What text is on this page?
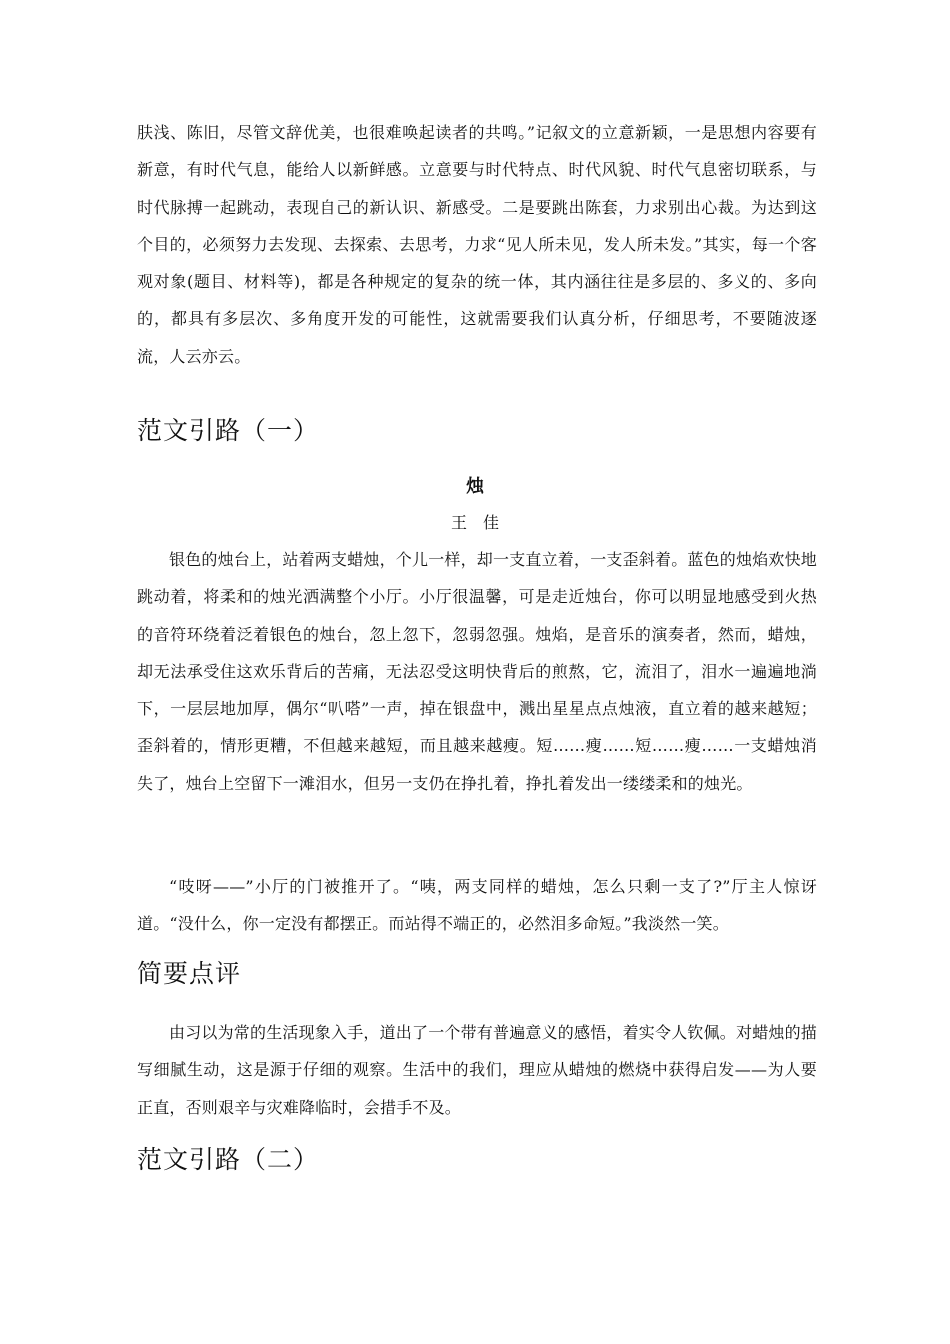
肤浅、陈旧，尽管文辞优美，也很难唤起读者的共鸣。”记叙文的立意新颖，一是思想内容要有新意，有时代气息，能给人以新鲜感。立意要与时代特点、时代风貌、时代气息密切联系，与时代脉搏一起跳动，表现自己的新认识、新感受。二是要跳出陈套，力求别出心裁。为达到这个目的，必须努力去发现、去探索、去思考，力求“见人所未见，发人所未发。”其实，每一个客观对象(题目、材料等)，都是各种规定的复杂的统一体，其内涵往往是多层的、多义的、多向的，都具有多层次、多角度开发的可能性，这就需要我们认真分析，仔细思考，不要随波逐流，人云亦云。

范文引路（一）
烛
王　佳

银色的烛台上，站着两支蜡烛，个儿一样，却一支直立着，一支歪斜着。蓝色的烛焰欢快地跳动着，将柔和的烛光洒满整个小厅。小厅很温馨，可是走近烛台，你可以明显地感受到火热的音符环绕着泛着银色的烛台，忽上忽下，忽弱忽强。烛焰，是音乐的演奏者，然而，蜡烛，却无法承受住这欢乐背后的苦痛，无法忍受这明快背后的煎熬，它，流泪了，泪水一遍遍地淌下，一层层地加厚，偶尔“叭嗒”一声，掉在银盘中，溅出星星点点烛液，直立着的越来越短；歪斜着的，情形更糟，不但越来越短，而且越来越瘦。短……瘦……短……瘦……一支蜡烛消失了，烛台上空留下一滩泪水，但另一支仍在挣扎着，挣扎着发出一缕缕柔和的烛光。

“吱呀——”小厅的门被推开了。“咦，两支同样的蜡烛，怎么只剩一支了?”厅主人惊讶道。“没什么，你一定没有都摆正。而站得不端正的，必然泪多命短。”我淡然一笑。

简要点评

由习以为常的生活现象入手，道出了一个带有普遍意义的感悟，着实令人钦佩。对蜡烛的描写细腻生动，这是源于仔细的观察。生活中的我们，理应从蜡烛的燃烧中获得启发——为人要正直，否则艰辛与灾难降临时，会措手不及。

范文引路（二）
